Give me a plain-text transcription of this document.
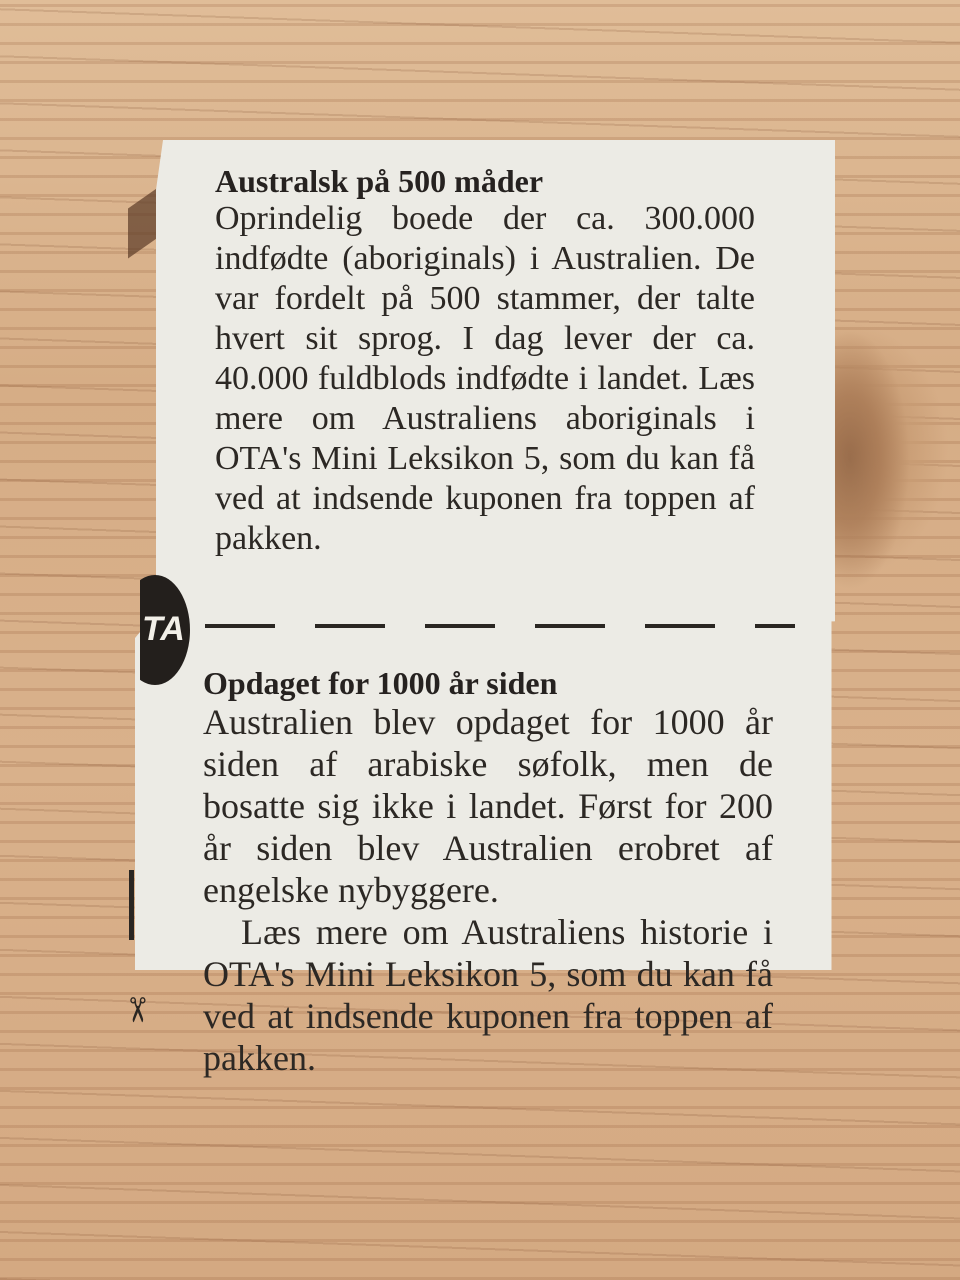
Australsk på 500 måder

Oprindelig boede der ca. 300.000 indfødte (aboriginals) i Australien. De var fordelt på 500 stammer, der talte hvert sit sprog. I dag lever der ca. 40.000 fuldblods indfødte i landet. Læs mere om Australiens aboriginals i OTA's Mini Leksikon 5, som du kan få ved at indsende kuponen fra toppen af pakken.

TA

Opdaget for 1000 år siden

Australien blev opdaget for 1000 år siden af arabiske søfolk, men de bosatte sig ikke i landet. Først for 200 år siden blev Australien erobret af engelske nybyggere.

Læs mere om Australiens historie i OTA's Mini Leksikon 5, som du kan få ved at indsende kuponen fra toppen af pakken.

✂
